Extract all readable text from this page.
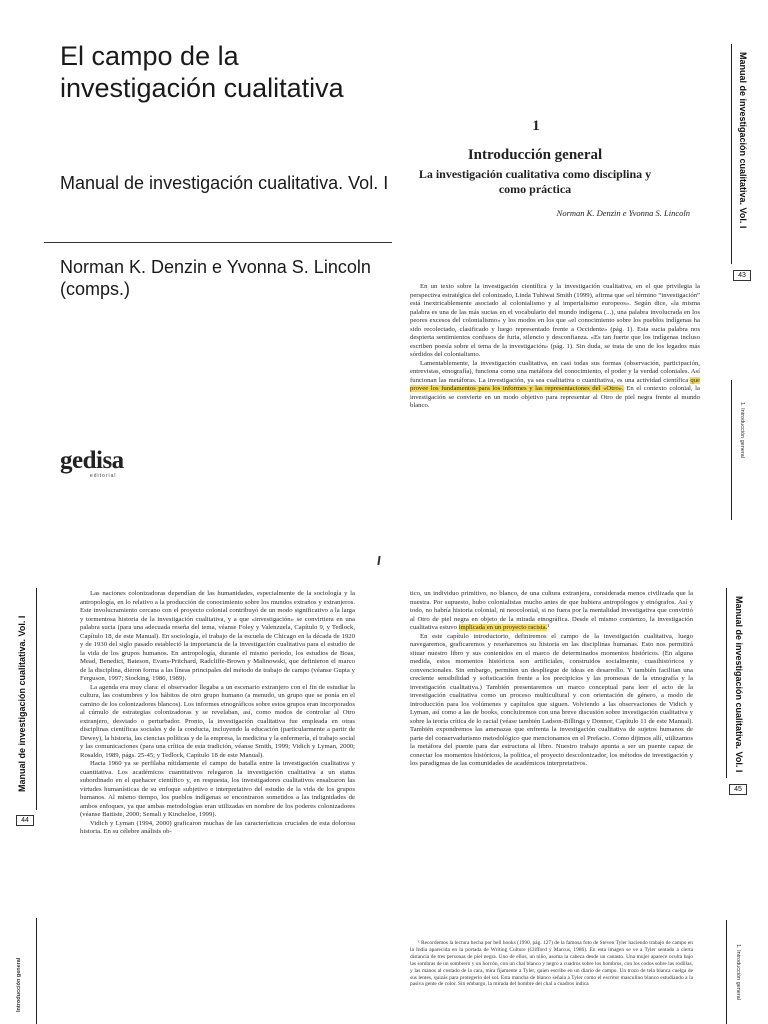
El campo de la investigación cualitativa
Manual de investigación cualitativa. Vol. I
Norman K. Denzin e Yvonna S. Lincoln (comps.)
gedisa
editorial
1
Introducción general
La investigación cualitativa como disciplina y como práctica
Norman K. Denzin e Yvonna S. Lincoln

En un texto sobre la investigación científica y la investigación cualitativa, en el que privilegia la perspectiva estratégica del colonizado, Linda Tuhiwai Smith (1999), afirma que «el término “investigación” está inextricablemente asociado al colonialismo y al imperialismo europeos». Según dice, «la misma palabra es una de las más sucias en el vocabulario del mundo indígena (...), una palabra involucrada en los peores excesos del colonialismo» y los modos en los que «el conocimiento sobre los pueblos indígenas ha sido recolectado, clasificado y luego representado frente a Occidente» (pág. 1). Esta sucia palabra nos despierta sentimientos confusos de furia, silencio y desconfianza. «Es tan fuerte que los indígenas incluso escriben poesía sobre el tema de la investigación» (pág. 1). Sin duda, se trata de uno de los legados más sórdidos del colonialismo.

Lamentablemente, la investigación cualitativa, en casi todas sus formas (observación, participación, entrevistas, etnografía), funciona como una metáfora del conocimiento, el poder y la verdad coloniales. Así funcionan las metáforas. La investigación, ya sea cualitativa o cuantitativa, es una actividad científica que provee los fundamentos para los informes y las representaciones del «Otro». En el contexto colonial, la investigación se convierte en un modo objetivo para representar al Otro de piel negra frente al mundo blanco.

Manual de investigación cualitativa. Vol. I
43
1. Introducción general
Manual de investigación cualitativa. Vol. I
44
Introducción general

Las naciones colonizadoras dependían de las humanidades, especialmente de la sociología y la antropología, en lo relativo a la producción de conocimiento sobre los mundos extraños y extranjeros. Este involucramiento cercano con el proyecto colonial contribuyó de un modo significativo a la larga y tormentosa historia de la investigación cualitativa, y a que «investigación» se convirtiera en una palabra sucia (para una adecuada reseña del tema, véanse Foley y Valenzuela, Capítulo 9, y Tedlock, Capítulo 18, de este Manual). En sociología, el trabajo de la escuela de Chicago en la década de 1920 y de 1930 del siglo pasado estableció la importancia de la investigación cualitativa para el estudio de la vida de los grupos humanos. En antropología, durante el mismo período, los estudios de Boas, Mead, Benedict, Bateson, Evans-Pritchard, Radcliffe-Brown y Malinowski, que definieron el marco de la disciplina, dieron forma a las líneas principales del método de trabajo de campo (véanse Gupta y Ferguson, 1997; Stocking, 1986, 1989).

La agenda era muy clara: el observador llegaba a un escenario extranjero con el fin de estudiar la cultura, las costumbres y los hábitos de otro grupo humano (a menudo, un grupo que se ponía en el camino de los colonizadores blancos). Los informes etnográficos sobre estos grupos eran incorporados al cúmulo de estrategias colonizadoras y se revelaban, así, como modos de controlar al Otro extranjero, desviado o perturbador. Pronto, la investigación cualitativa fue empleada en otras disciplinas científicas sociales y de la conducta, incluyendo la educación (particularmente a partir de Dewey), la historia, las ciencias políticas y de la empresa, la medicina y la enfermería, el trabajo social y las comunicaciones (para una crítica de esta tradición, véanse Smith, 1999; Vidich y Lyman, 2000; Rosaldo, 1989, págs. 25-45; y Tedlock, Capítulo 18 de este Manual).

Hacia 1960 ya se perfilaba nítidamente el campo de batalla entre la investigación cualitativa y cuantitativa. Los académicos cuantitativos relegaron la investigación cualitativa a un status subordinado en el quehacer científico y, en respuesta, los investigadores cualitativos ensalzaron las virtudes humanísticas de su enfoque subjetivo e interpretativo del estudio de la vida de los grupos humanos. Al mismo tiempo, los pueblos indígenas se encontraron sometidos a las indignidades de ambos enfoques, ya que ambas metodologías eran utilizadas en nombre de los poderes colonizadores (véanse Battiste, 2000; Semali y Kincheloe, 1999).

Vidich y Lyman (1994, 2000) graficaron muchas de las características cruciales de esta dolorosa historia. En su célebre análisis ob-

tico, un individuo primitivo, no blanco, de una cultura extranjera, considerada menos civilizada que la nuestra. Por supuesto, hubo colonialistas mucho antes de que hubiera antropólogos y etnógrafos. Así y todo, no habría historia colonial, ni neocolonial, si no fuera por la mentalidad investigativa que convirtió al Otro de piel negra en objeto de la mirada etnográfica. Desde el mismo comienzo, la investigación cualitativa estuvo implicada en un proyecto racista.¹

En este capítulo introductorio, definiremos el campo de la investigación cualitativa, luego navegaremos, graficaremos y reseñaremos su historia en las disciplinas humanas. Esto nos permitirá situar nuestro libro y sus contenidos en el marco de determinados momentos históricos. (En alguna medida, estos momentos históricos son artificiales, construidos socialmente, cuasihistóricos y convencionales. Sin embargo, permiten un despliegue de ideas en desarrollo. Y también facilitan una creciente sensibilidad y sofisticación frente a los precipicios y las promesas de la etnografía y la investigación cualitativa.) También presentaremos un marco conceptual para leer el acto de la investigación cualitativa como un proceso multicultural y con orientación de género, a modo de introducción para los volúmenes y capítulos que siguen. Volviendo a las observaciones de Vidich y Lyman, así como a las de books, concluiremos con una breve discusión sobre investigación cualitativa y sobre la teoría crítica de lo racial (véase también Ladson-Billings y Donnor, Capítulo 11 de este Manual). También expondremos las amenazas que enfrenta la investigación cualitativa de sujetos humanos de parte del conservadurismo metodológico que mencionamos en el Prefacio. Como dijimos allí, utilizamos la metáfora del puente para dar estructura al libro. Nuestro trabajo apunta a ser un puente capaz de conectar los momentos históricos, la política, el proyecto descolonizador, los métodos de investigación y los paradigmas de las comunidades de académicos interpretativos.

¹ Recordemos la lectura hecha por bell hooks (1990, pág. 127) de la famosa foto de Steven Tyler haciendo trabajo de campo en la India aparecida en la portada de Writing Culture (Clifford y Marcus, 1986). En esta imagen se ve a Tyler sentado a cierta distancia de tres personas de piel negra. Uno de ellos, un niño, asoma la cabeza desde un canasto. Una mujer aparece oculta bajo las sombras de un sombrero y un horcón, con un chal blanco y negro a cuadros sobre los hombros, con los codos sobre las rodillas, y las manos al costado de la cara, mira fijamente a Tyler, quien escribe en un diario de campo. Un trozo de tela blanca cuelga de sus lentes, quizás para protegerlo del sol. Esta mancha de blanco señala a Tyler como el escritor masculino blanco estudiando a la pasiva gente de color. Sin embargo, la mirada del hombre del chal a cuadros indica

Manual de investigación cualitativa. Vol. I
45
1. Introducción general
